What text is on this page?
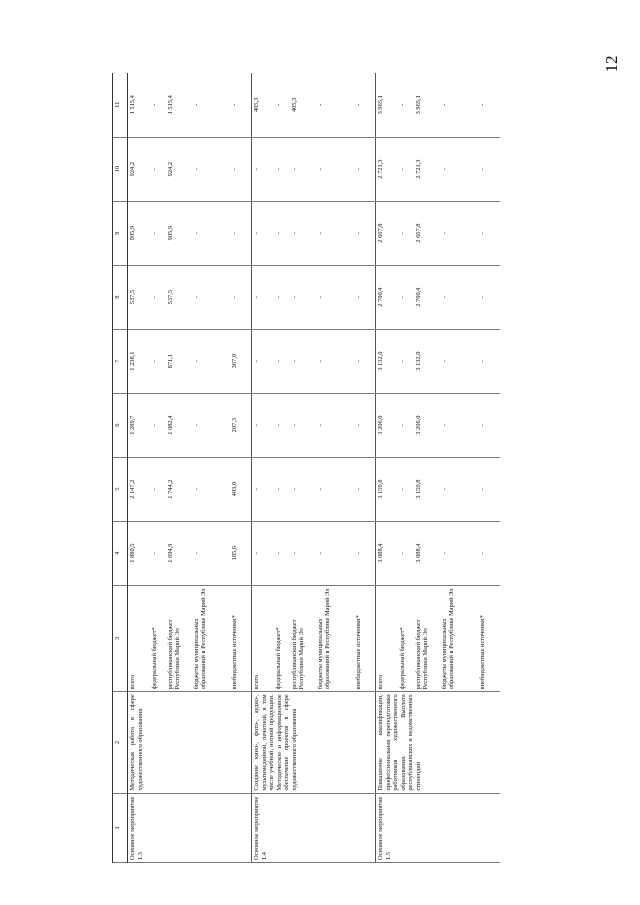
12
1	2	3	4	5	6	7	8	9	10	11
Основное мероприятие 1.3	Методическая работа в сфере художественного образования	всего	1 880,5	2 147,2	1 289,7	1 238,1	537,5	905,9	924,2	1 515,4
		федеральный бюджет*	-	-	-	-	-	-	-	-
		республиканский бюджет Республики Марий Эл	1 694,9	1 744,2	1 082,4	871,1	537,5	905,9	924,2	1 515,4
		бюджеты муниципальных образований в Республике Марий Эл	-	-	-	-	-	-	-	-
		внебюджетные источники*	185,6	403,0	207,3	367,0	-	-	-	-
Основное мероприятие 1.4	Создание кино-, фото-, аудио-, мультимедийной, печатной, в том числе учебной, нотной продукции. Методическое и информационное обеспечение проектов в сфере художественного образования	всего	-	-	-	-	-	-	-	405,3
		федеральный бюджет*	-	-	-	-	-	-	-	-
		республиканский бюджет Республики Марий Эл	-	-	-	-	-	-	-	405,3
		бюджеты муниципальных образований в Республике Марий Эл	-	-	-	-	-	-	-	-
		внебюджетные источники*	-	-	-	-	-	-	-	-
Основное мероприятие 1.5	Повышение квалификации, профессиональная переподготовка работников художественного образования. Выплата республиканских и ведомственных стипендий	всего	3 088,4	3 159,8	3 206,0	3 132,0	2 700,4	2 667,8	2 721,3	3 965,1
		федеральный бюджет*	-	-	-	-	-	-	-	-
		республиканский бюджет Республики Марий Эл	3 088,4	3 159,8	3 206,0	3 132,0	2 700,4	2 667,8	2 721,3	3 965,1
		бюджеты муниципальных образований в Республике Марий Эл	-	-	-	-	-	-	-	-
		внебюджетные источники*	-	-	-	-	-	-	-	-
